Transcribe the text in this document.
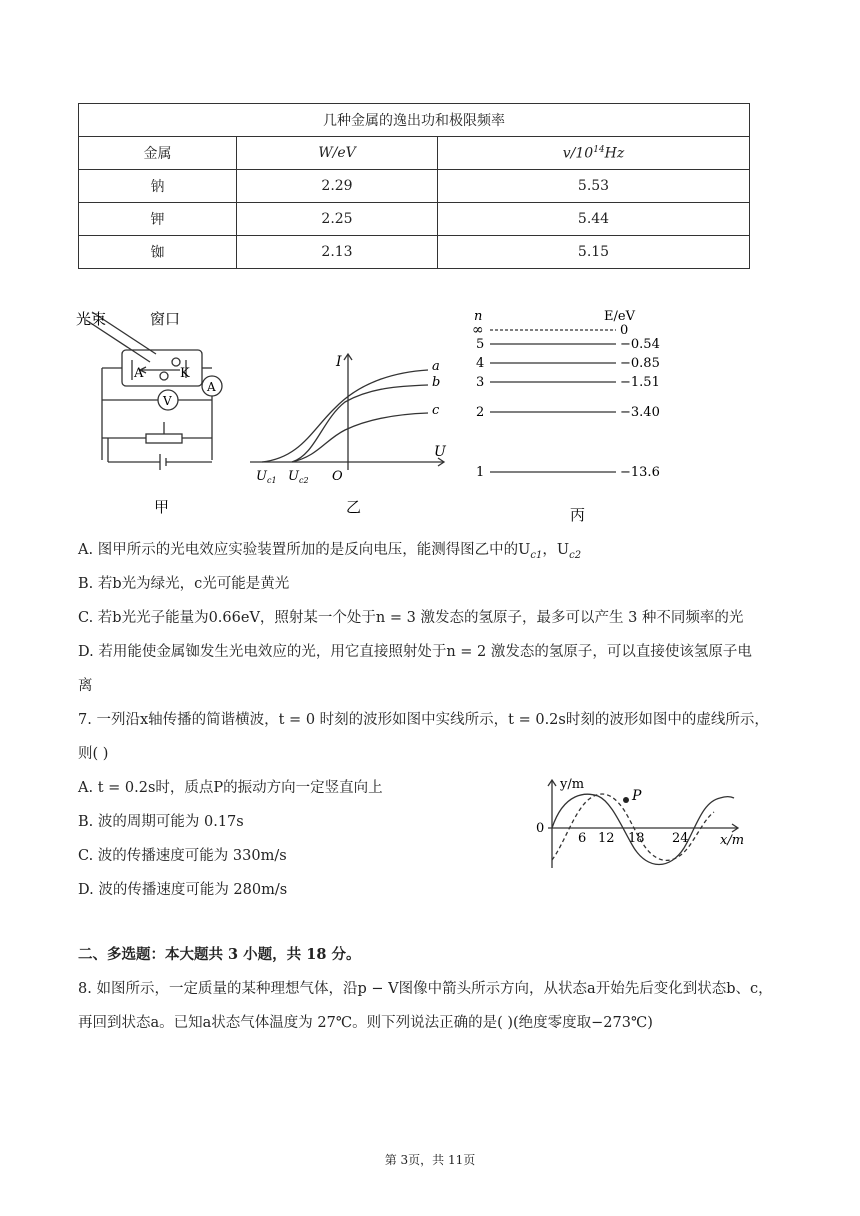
几种金属的逸出功和极限频率		
金属	W/eV	$v/10^{14}Hz$
钠	2.29	5.53
钾	2.25	5.44
铷	2.13	5.15
光束	窗口
A	K
A
V
甲
I
U
O
$U_{c1}$ $U_{c2}$
a
b
c
乙
n	E/eV
∞	0
5	−0.54
4	−0.85
3	−1.51
2	−3.40
1	−13.6
丙
A. 图甲所示的光电效应实验装置所加的是反向电压，能测得图乙中的$U_{c1}$，$U_{c2}$
B. 若b光为绿光，c光可能是黄光
C. 若b光光子能量为0.66eV，照射某一个处于n = 3 激发态的氢原子，最多可以产生 3 种不同频率的光
D. 若用能使金属铷发生光电效应的光，用它直接照射处于n = 2 激发态的氢原子，可以直接使该氢原子电
离
7. 一列沿x轴传播的简谐横波，t = 0 时刻的波形如图中实线所示，t = 0.2s时刻的波形如图中的虚线所示，
则( )
A. t = 0.2s时，质点P的振动方向一定竖直向上
B. 波的周期可能为 0.17s
C. 波的传播速度可能为 330m/s
D. 波的传播速度可能为 280m/s
y/m
x/m
0
6 12 18 24
P
二、多选题：本大题共 3 小题，共 18 分。
8. 如图所示，一定质量的某种理想气体，沿p − V图像中箭头所示方向，从状态a开始先后变化到状态b、c，
再回到状态a。已知a状态气体温度为 27℃。则下列说法正确的是( )(绝度零度取−273℃)
第 3页，共 11页
